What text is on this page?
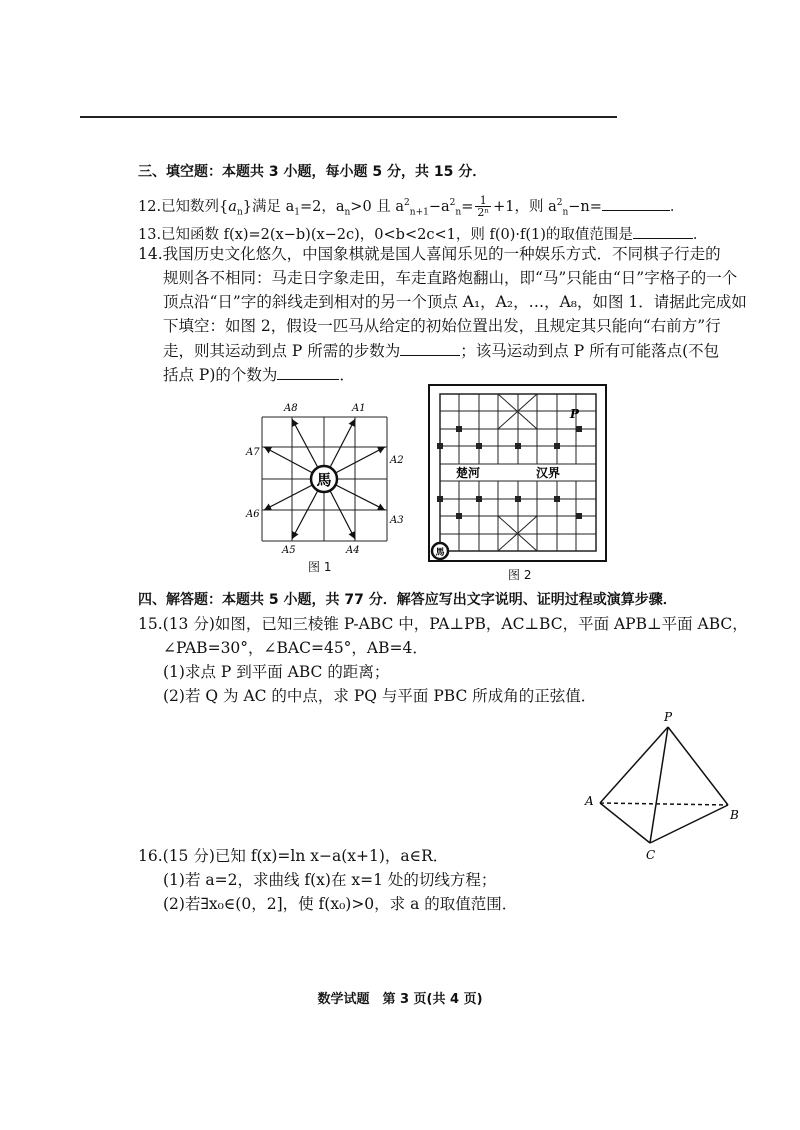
三、填空题：本题共 3 小题，每小题 5 分，共 15 分．
12.已知数列$\{a_n\}$满足 $a_1=2$，$a_n>0$ 且 $a^2_{n+1}-a^2_n= \frac{1}{\text{2ⁿ}} +1$，则 $a^2_n-n=$	．
13.已知函数 f(x)=2(x−b)(x−2c)，0<b<2c<1，则 f(0)·f(1)的取值范围是	．
14.我国历史文化悠久，中国象棋就是国人喜闻乐见的一种娱乐方式．不同棋子行走的
规则各不相同：马走日字象走田，车走直路炮翻山，即“马”只能由“日”字格子的一个
顶点沿“日”字的斜线走到相对的另一个顶点 A₁，A₂，…，A₈，如图 1．请据此完成如
下填空：如图 2，假设一匹马从给定的初始位置出发，且规定其只能向“右前方”行
走，则其运动到点 P 所需的步数为	；该马运动到点 P 所有可能落点(不包
括点 P)的个数为	．
馬
A1
A2
A3
A4
A5
A6
A7
A8
图 1
楚河	汉界
P
馬
图 2
四、解答题：本题共 5 小题，共 77 分．解答应写出文字说明、证明过程或演算步骤．
15.(13 分)如图，已知三棱锥 P-ABC 中，PA⊥PB，AC⊥BC，平面 APB⊥平面 ABC，
∠PAB=30°，∠BAC=45°，AB=4．
(1)求点 P 到平面 ABC 的距离；
(2)若 Q 为 AC 的中点，求 PQ 与平面 PBC 所成角的正弦值．
P
A
B
C
16.(15 分)已知 f(x)=ln x−a(x+1)，a∈R．
(1)若 a=2，求曲线 f(x)在 x=1 处的切线方程；
(2)若∃x₀∈(0，2]，使 f(x₀)>0，求 a 的取值范围．
数学试题　第 3 页(共 4 页)
